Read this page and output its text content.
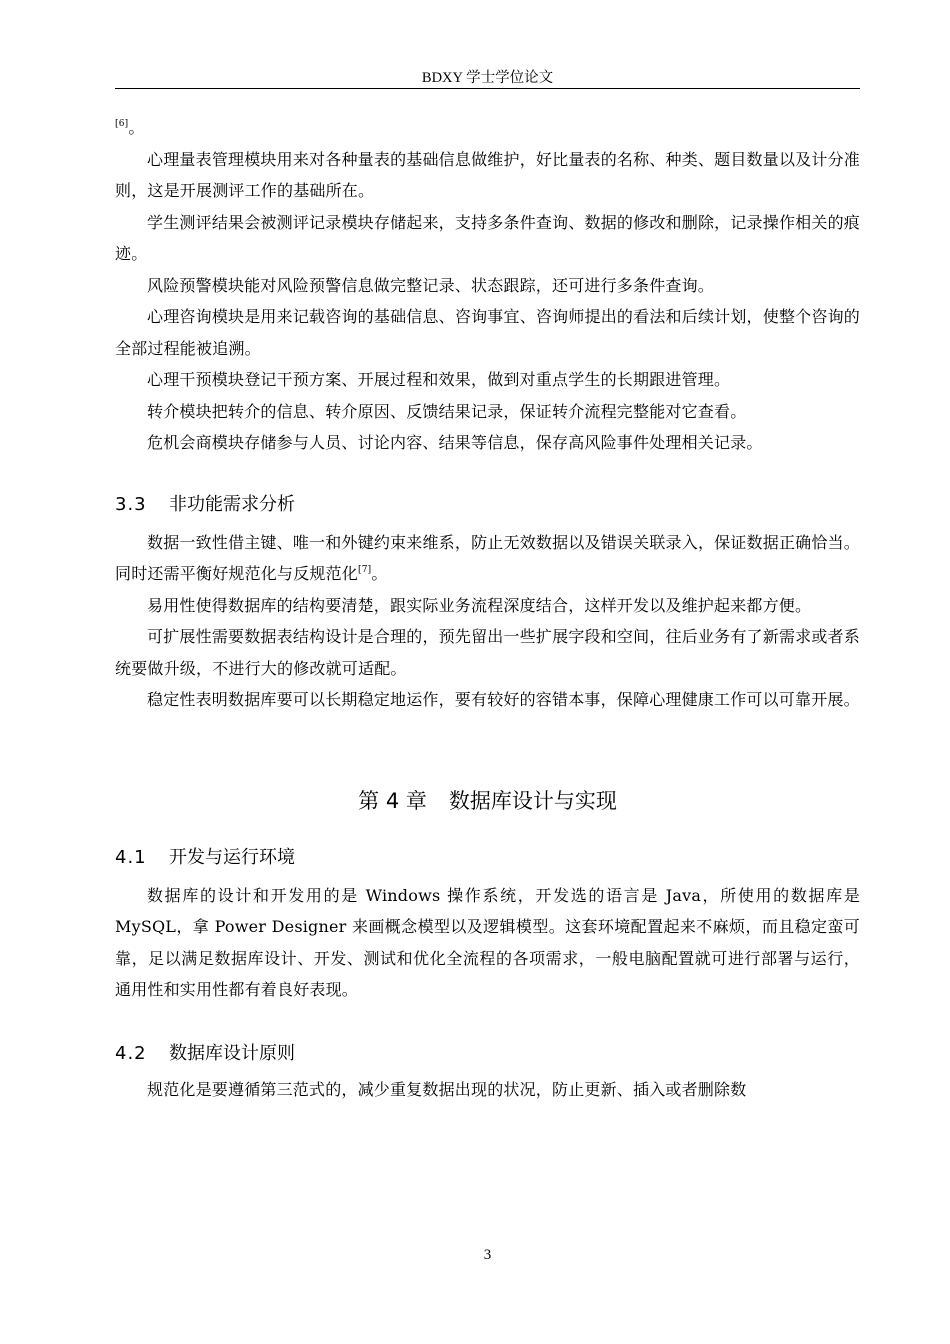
BDXY 学士学位论文

[6]。

心理量表管理模块用来对各种量表的基础信息做维护，好比量表的名称、种类、题目数量以及计分准则，这是开展测评工作的基础所在。

学生测评结果会被测评记录模块存储起来，支持多条件查询、数据的修改和删除，记录操作相关的痕迹。

风险预警模块能对风险预警信息做完整记录、状态跟踪，还可进行多条件查询。

心理咨询模块是用来记载咨询的基础信息、咨询事宜、咨询师提出的看法和后续计划，使整个咨询的全部过程能被追溯。

心理干预模块登记干预方案、开展过程和效果，做到对重点学生的长期跟进管理。

转介模块把转介的信息、转介原因、反馈结果记录，保证转介流程完整能对它查看。

危机会商模块存储参与人员、讨论内容、结果等信息，保存高风险事件处理相关记录。

3.3 非功能需求分析

数据一致性借主键、唯一和外键约束来维系，防止无效数据以及错误关联录入，保证数据正确恰当。同时还需平衡好规范化与反规范化[7]。

易用性使得数据库的结构要清楚，跟实际业务流程深度结合，这样开发以及维护起来都方便。

可扩展性需要数据表结构设计是合理的，预先留出一些扩展字段和空间，往后业务有了新需求或者系统要做升级，不进行大的修改就可适配。

稳定性表明数据库要可以长期稳定地运作，要有较好的容错本事，保障心理健康工作可以可靠开展。

第 4 章 数据库设计与实现
4.1 开发与运行环境

数据库的设计和开发用的是 Windows 操作系统，开发选的语言是 Java，所使用的数据库是 MySQL，拿 Power Designer 来画概念模型以及逻辑模型。这套环境配置起来不麻烦，而且稳定蛮可靠，足以满足数据库设计、开发、测试和优化全流程的各项需求，一般电脑配置就可进行部署与运行，通用性和实用性都有着良好表现。

4.2 数据库设计原则

规范化是要遵循第三范式的，减少重复数据出现的状况，防止更新、插入或者删除数

3
